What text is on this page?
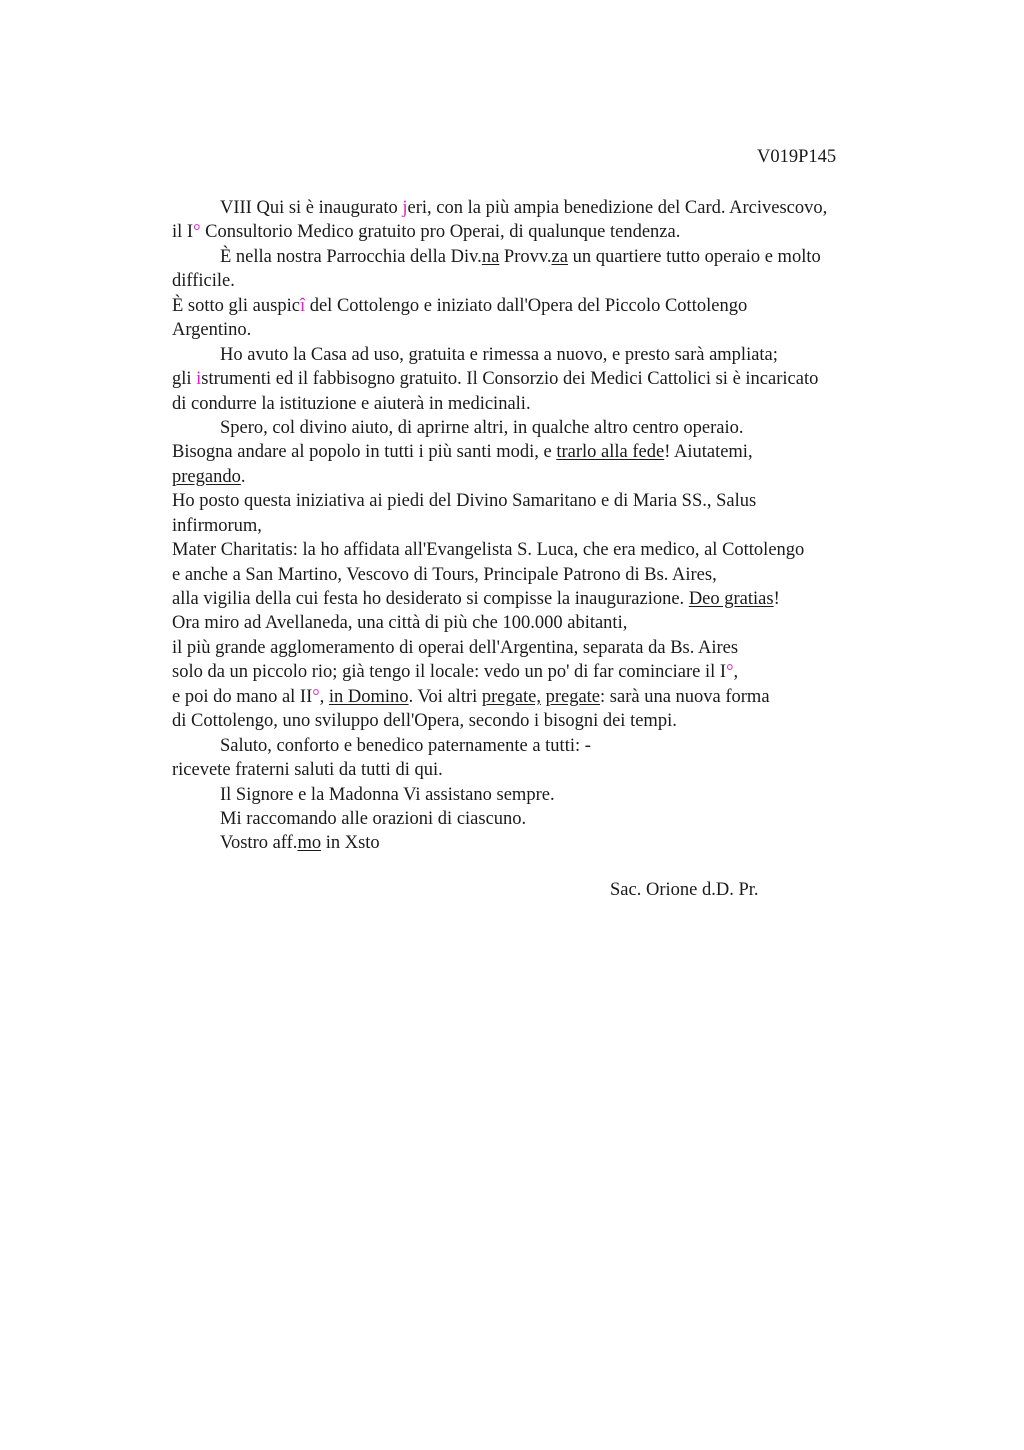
V019P145
VIII Qui si è inaugurato jeri, con la più ampia benedizione del Card. Arcivescovo,
il I° Consultorio Medico gratuito pro Operai, di qualunque tendenza.
È nella nostra Parrocchia della Div.na Provv.za un quartiere tutto operaio e molto
difficile.
È sotto gli auspicî del Cottolengo e iniziato dall'Opera del Piccolo Cottolengo
Argentino.
Ho avuto la Casa ad uso, gratuita e rimessa a nuovo, e presto sarà ampliata;
gli istrumenti ed il fabbisogno gratuito. Il Consorzio dei Medici Cattolici si è incaricato
di condurre la istituzione e aiuterà in medicinali.
Spero, col divino aiuto, di aprirne altri, in qualche altro centro operaio.
Bisogna andare al popolo in tutti i più santi modi, e trarlo alla fede! Aiutatemi,
pregando.
Ho posto questa iniziativa ai piedi del Divino Samaritano e di Maria SS., Salus
infirmorum,
Mater Charitatis: la ho affidata all'Evangelista S. Luca, che era medico, al Cottolengo
e anche a San Martino, Vescovo di Tours, Principale Patrono di Bs. Aires,
alla vigilia della cui festa ho desiderato si compisse la inaugurazione. Deo gratias!
Ora miro ad Avellaneda, una città di più che 100.000 abitanti,
il più grande agglomeramento di operai dell'Argentina, separata da Bs. Aires
solo da un piccolo rio; già tengo il locale: vedo un po' di far cominciare il I°,
e poi do mano al II°, in Domino. Voi altri pregate, pregate: sarà una nuova forma
di Cottolengo, uno sviluppo dell'Opera, secondo i bisogni dei tempi.
Saluto, conforto e benedico paternamente a tutti: -
ricevete fraterni saluti da tutti di qui.
Il Signore e la Madonna Vi assistano sempre.
Mi raccomando alle orazioni di ciascuno.
Vostro aff.mo in Xsto
Sac. Orione d.D. Pr.
